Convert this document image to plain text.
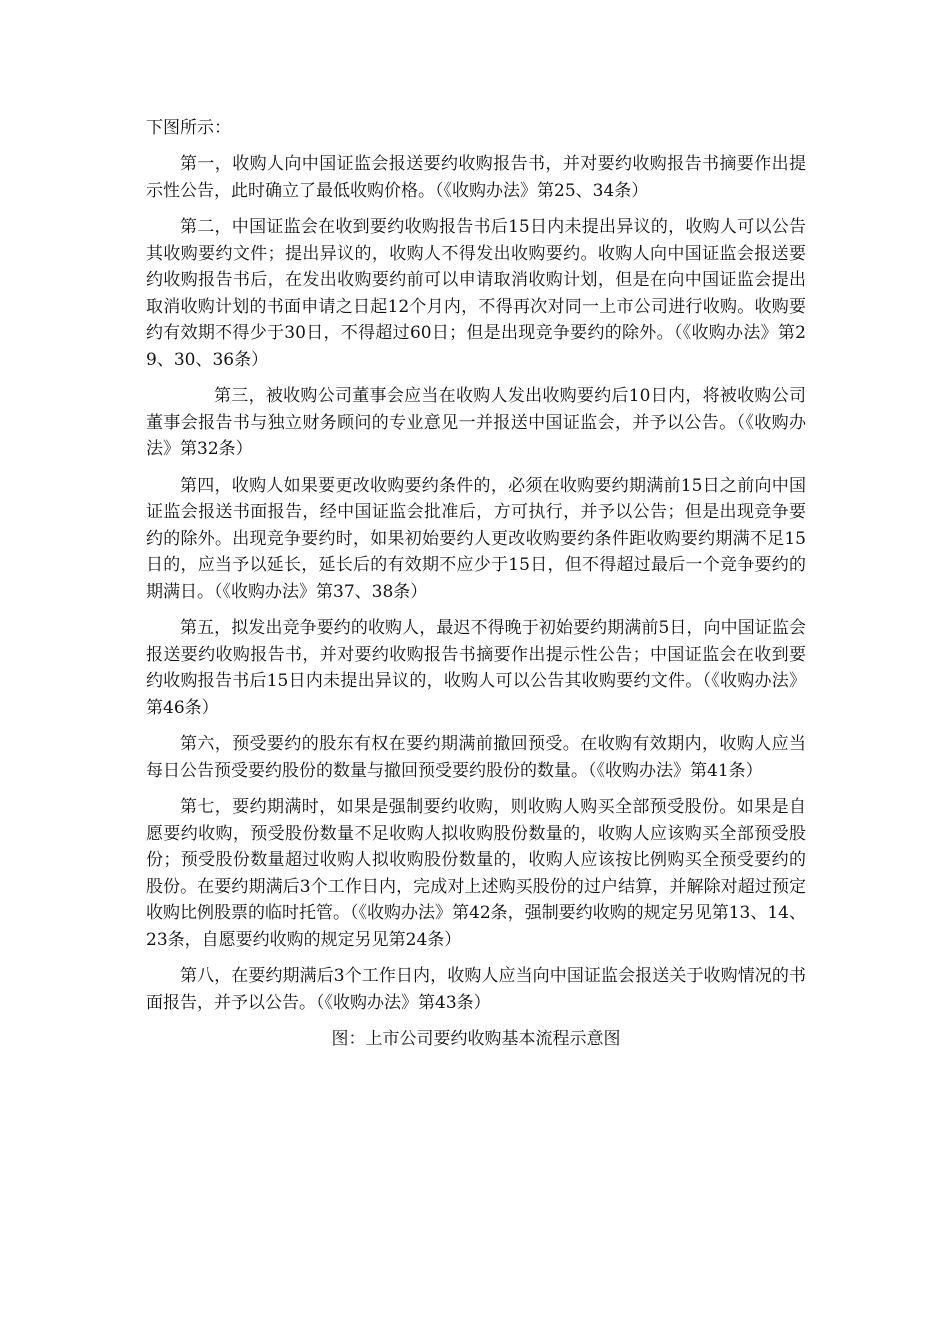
下图所示：

第一，收购人向中国证监会报送要约收购报告书，并对要约收购报告书摘要作出提示性公告，此时确立了最低收购价格。（《收购办法》第25、34条）

第二，中国证监会在收到要约收购报告书后15日内未提出异议的，收购人可以公告其收购要约文件；提出异议的，收购人不得发出收购要约。收购人向中国证监会报送要约收购报告书后，在发出收购要约前可以申请取消收购计划，但是在向中国证监会提出取消收购计划的书面申请之日起12个月内，不得再次对同一上市公司进行收购。收购要约有效期不得少于30日，不得超过60日；但是出现竞争要约的除外。（《收购办法》第29、30、36条）

第三，被收购公司董事会应当在收购人发出收购要约后10日内，将被收购公司董事会报告书与独立财务顾问的专业意见一并报送中国证监会，并予以公告。（《收购办法》第32条）

第四，收购人如果要更改收购要约条件的，必须在收购要约期满前15日之前向中国证监会报送书面报告，经中国证监会批准后，方可执行，并予以公告；但是出现竞争要约的除外。出现竞争要约时，如果初始要约人更改收购要约条件距收购要约期满不足15日的，应当予以延长，延长后的有效期不应少于15日，但不得超过最后一个竞争要约的期满日。（《收购办法》第37、38条）

第五，拟发出竞争要约的收购人，最迟不得晚于初始要约期满前5日，向中国证监会报送要约收购报告书，并对要约收购报告书摘要作出提示性公告；中国证监会在收到要约收购报告书后15日内未提出异议的，收购人可以公告其收购要约文件。（《收购办法》第46条）

第六，预受要约的股东有权在要约期满前撤回预受。在收购有效期内，收购人应当每日公告预受要约股份的数量与撤回预受要约股份的数量。（《收购办法》第41条）

第七，要约期满时，如果是强制要约收购，则收购人购买全部预受股份。如果是自愿要约收购，预受股份数量不足收购人拟收购股份数量的，收购人应该购买全部预受股份；预受股份数量超过收购人拟收购股份数量的，收购人应该按比例购买全预受要约的股份。在要约期满后3个工作日内，完成对上述购买股份的过户结算，并解除对超过预定收购比例股票的临时托管。（《收购办法》第42条，强制要约收购的规定另见第13、14、23条，自愿要约收购的规定另见第24条）

第八，在要约期满后3个工作日内，收购人应当向中国证监会报送关于收购情况的书面报告，并予以公告。（《收购办法》第43条）

图：上市公司要约收购基本流程示意图
